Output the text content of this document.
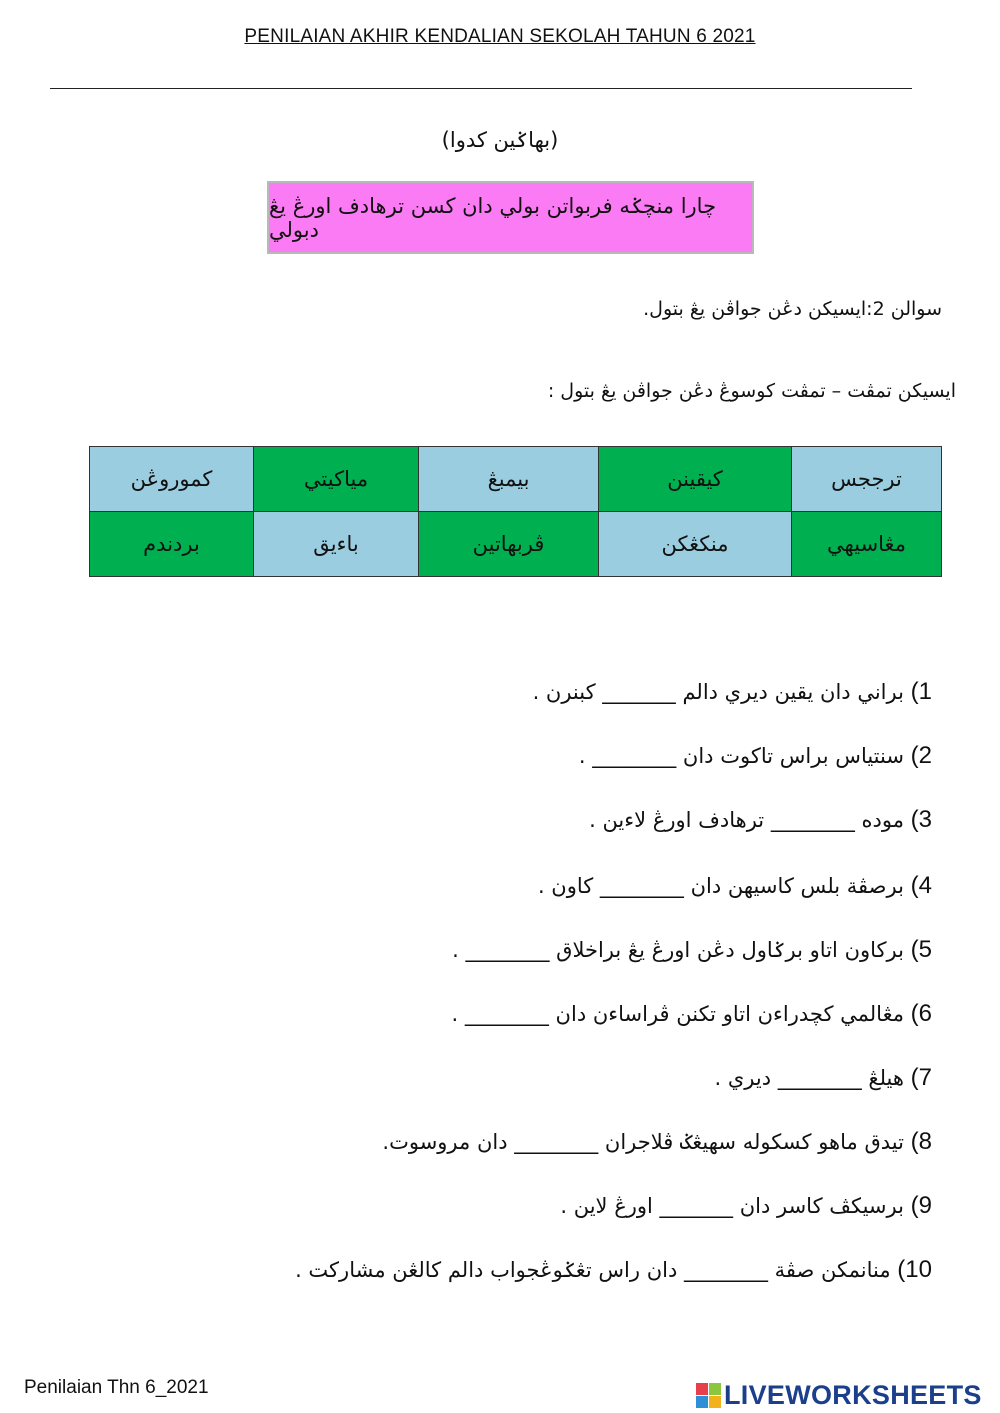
PENILAIAN AKHIR KENDALIAN SEKOLAH TAHUN 6 2021
(بهاݢين كدوا)
چارا منچݢه فربواتن بولي دان كسن ترهادف اورڠ يڠ دبولي
سوالن 2:ايسيكن دڠن جواڤن يڠ بتول.
ايسيكن تمڤت – تمڤت كوسوڠ دڠن جواڤن يڠ بتول :
ترججس	كيقينن	بيمبڠ	مياكيتي	كموروڠن
مڠاسيهي	منكڠكن	ڤربهاتين	باءيق	بردندم
1) براني دان يقين ديري دالم _______ كبنرن .
2) سنتياس براس تاكوت دان ________ .
3) موده ________ ترهادف اورڠ لاءين .
4) برصڤة بلس كاسيهن دان ________ كاون .
5) بركاون اتاو برݢاول دڠن اورڠ يڠ براخلاق ________ .
6) مڠالمي كچدراءن اتاو تكنن ڤراساءن دان ________ .
7) هيلڠ ________ ديري .
8) تيدق ماهو كسكوله سهيڠݢ ڤلاجران ________ دان مروسوت.
9) برسيكڤ كاسر دان _______ اورڠ لاين .
10) منانمكن صڤة ________ دان راس تڠݢوڠجواب دالم كالڠن مشاركت .
Penilaian Thn 6_2021	LIVEWORKSHEETS
